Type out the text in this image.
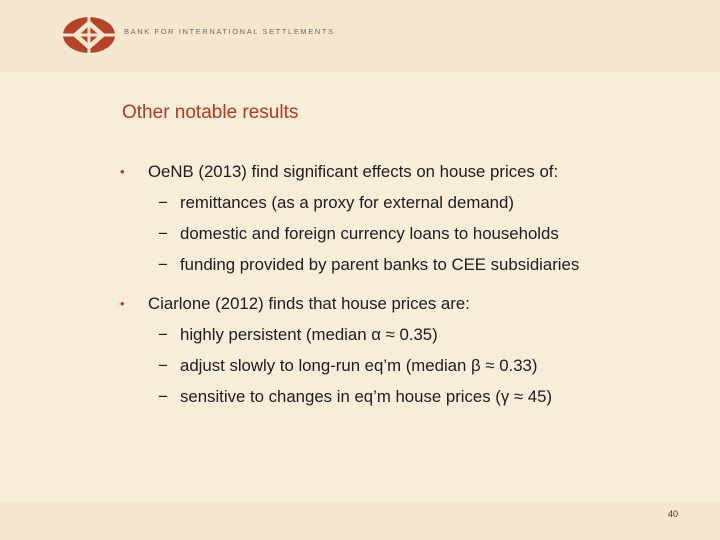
BANK FOR INTERNATIONAL SETTLEMENTS
Other notable results

• OeNB (2013) find significant effects on house prices of:

− remittances (as a proxy for external demand)
− domestic and foreign currency loans to households
− funding provided by parent banks to CEE subsidiaries

• Ciarlone (2012) finds that house prices are:

− highly persistent (median α ≈ 0.35)
− adjust slowly to long-run eq’m (median β ≈ 0.33)
− sensitive to changes in eq’m house prices (γ ≈ 45)
40
